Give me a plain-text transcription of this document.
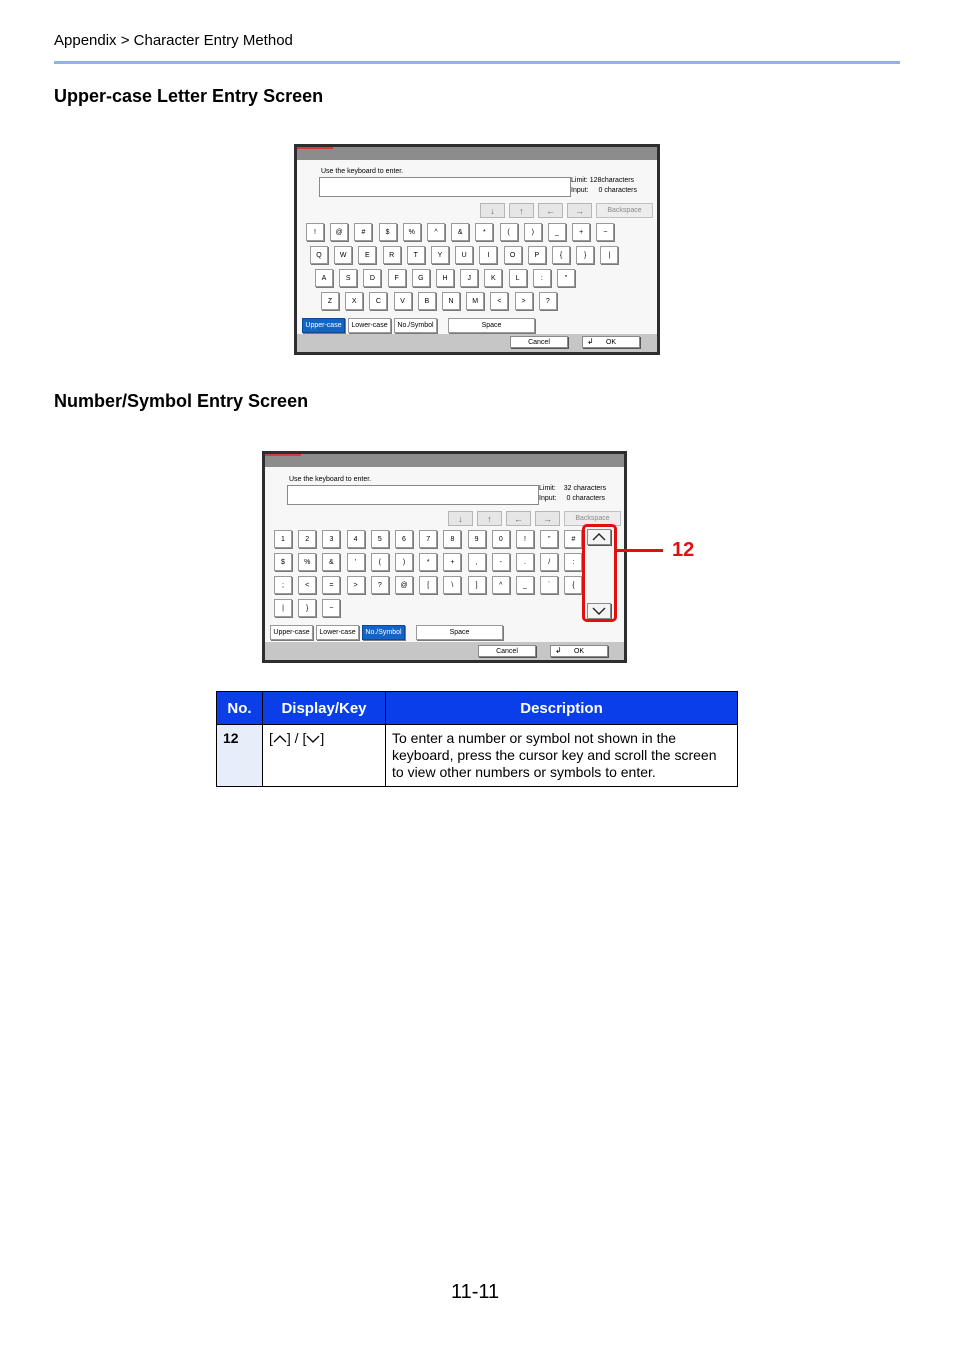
Appendix > Character Entry Method
Upper-case Letter Entry Screen
Use the keyboard to enter.
Limit: 128characters
Input: 0 characters
↓	↑	←	→	Backspace
!	@	#	$	%	^	&	*	(	)	_	+	~
Q	W	E	R	T	Y	U	I	O	P	{	}	|
A	S	D	F	G	H	J	K	L	:	"
Z	X	C	V	B	N	M	<	>	?
Upper-case	Lower-case	No./Symbol	Space
Cancel	↲ OK
Number/Symbol Entry Screen
Use the keyboard to enter.
Limit: 32 characters
Input: 0 characters
↓	↑	←	→	Backspace
1	2	3	4	5	6	7	8	9	0	!	"	#
$	%	&	'	(	)	*	+	,	-	.	/	:
;	<	=	>	?	@	[	\	]	^	_	`	{
|	}	~
Upper-case	Lower-case	No./Symbol	Space
Cancel	↲ OK
12
No.	Display/Key	Description
12	[ ] / [ ]	To enter a number or symbol not shown in the keyboard, press the cursor key and scroll the screen to view other numbers or symbols to enter.
11-11
